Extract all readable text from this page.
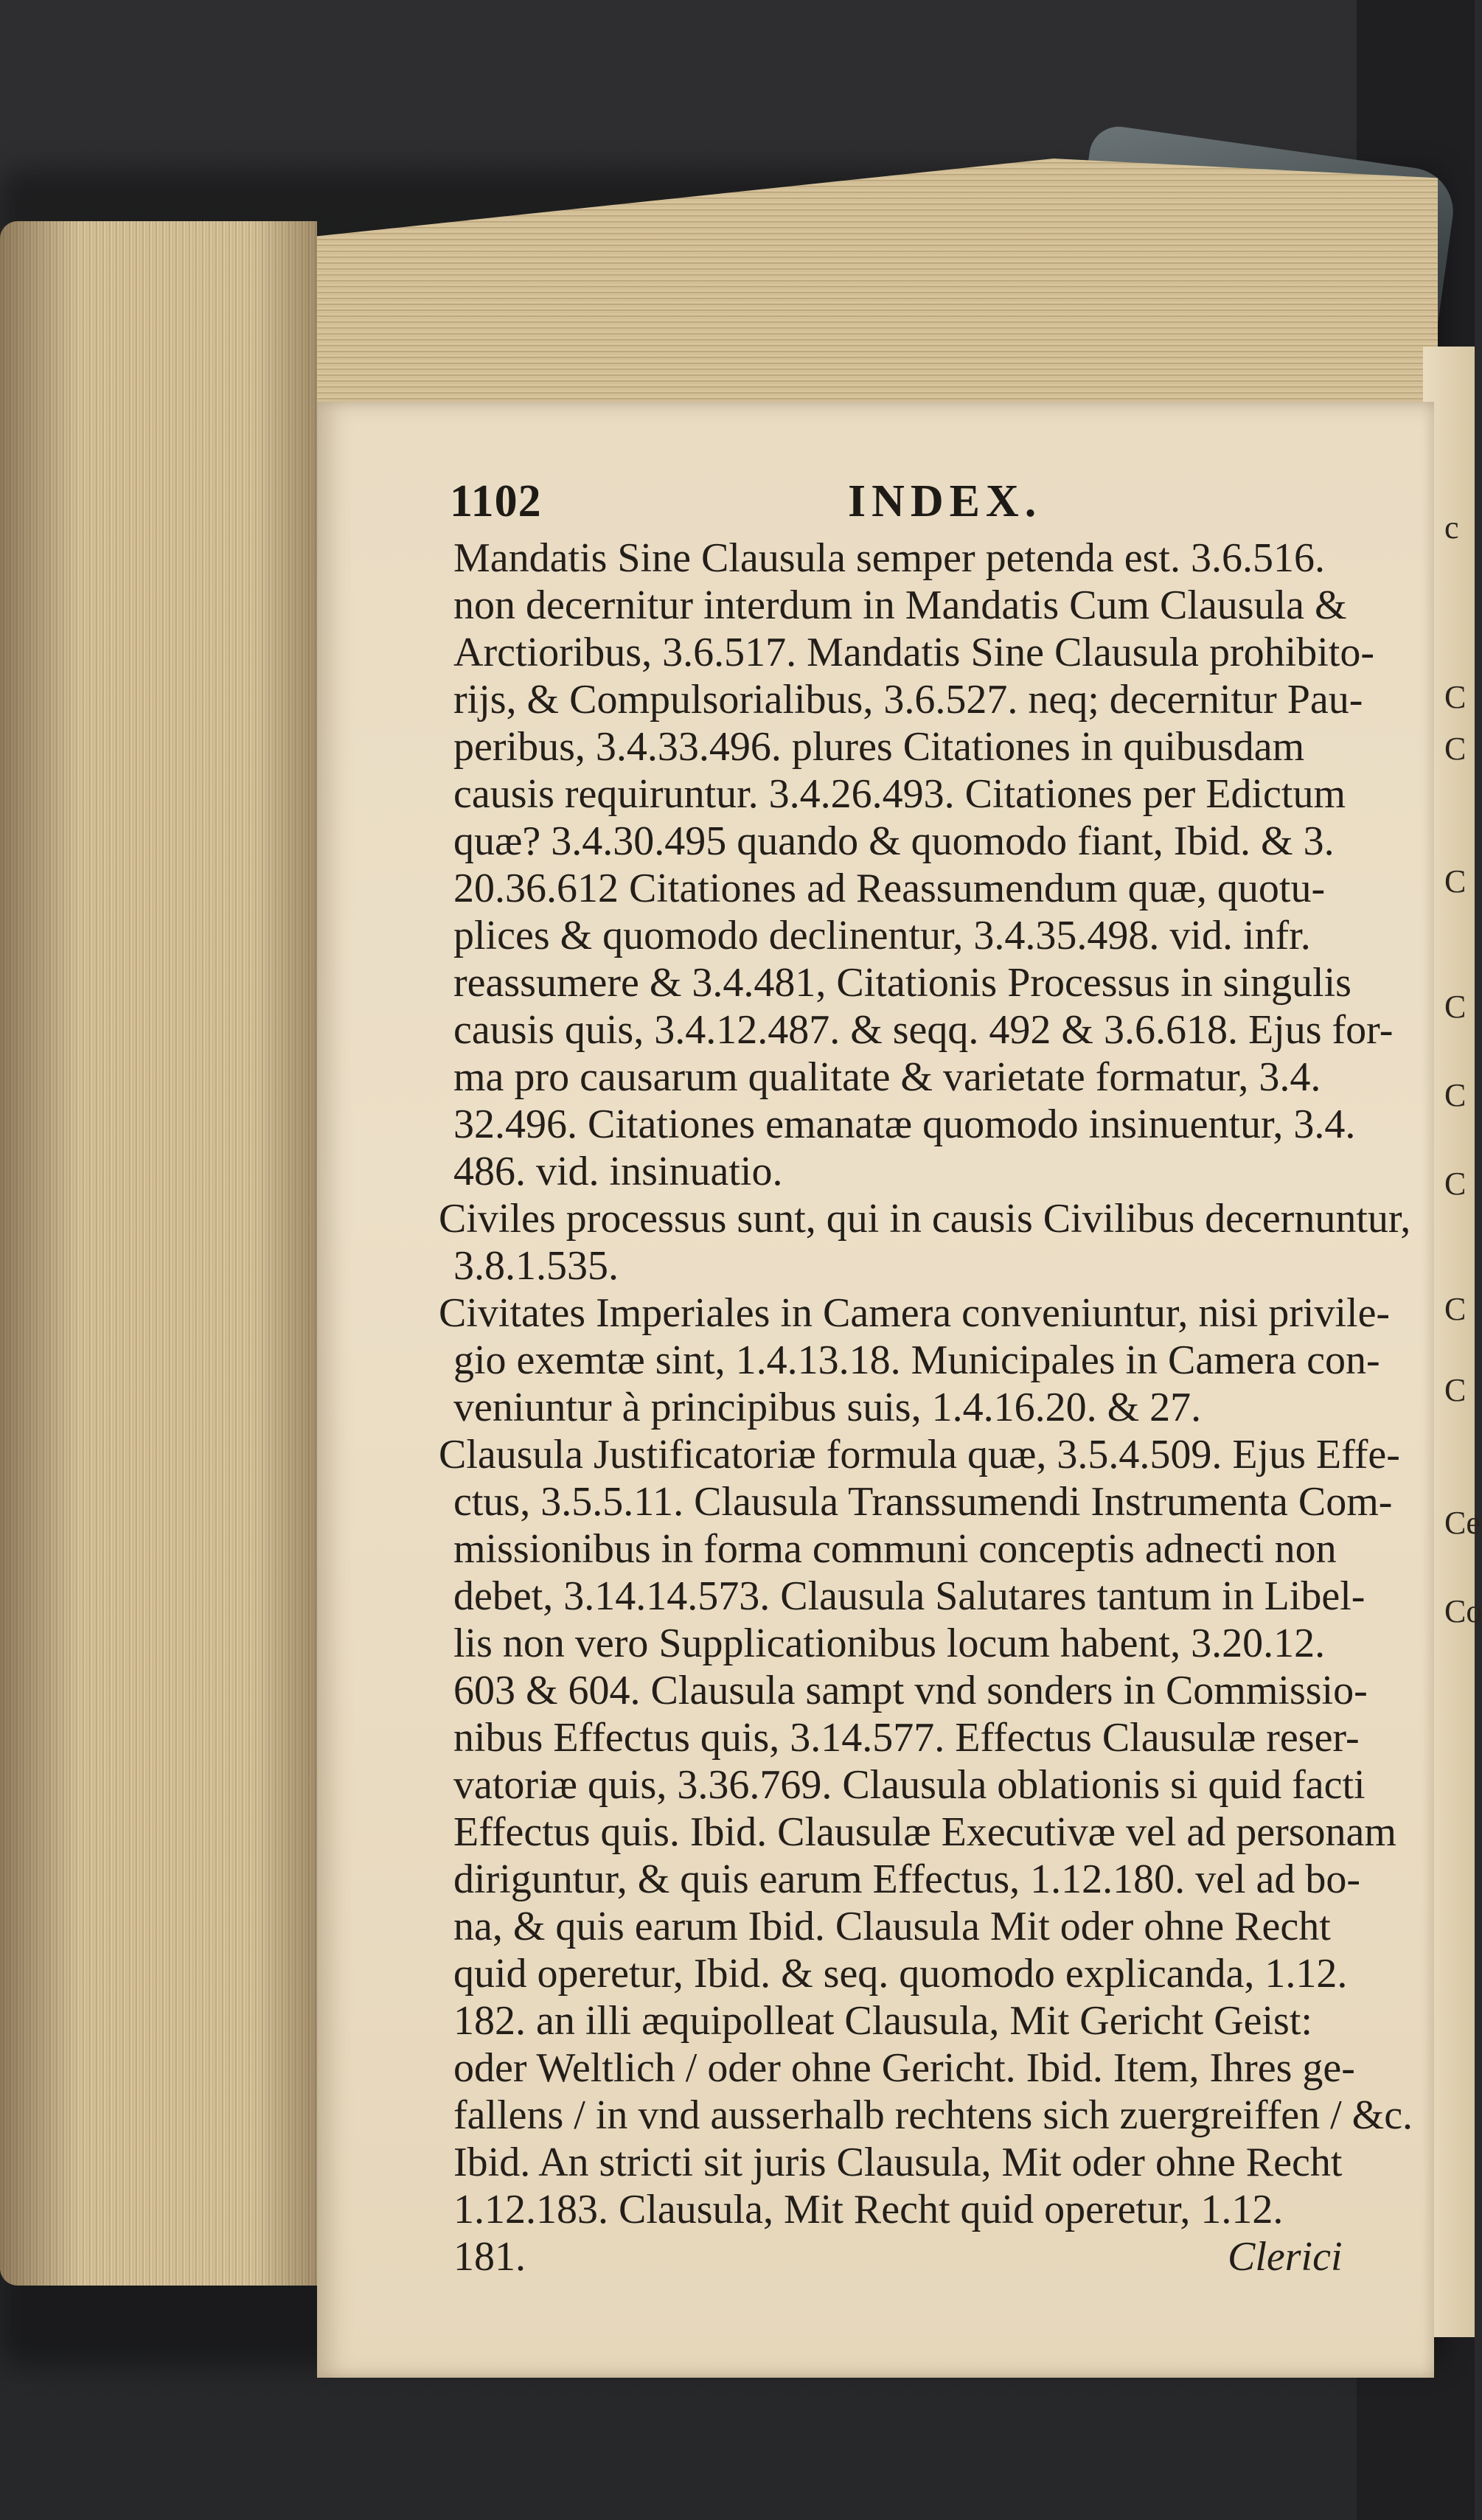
c
C
C
C
C
C
C
C
C
Ce
Co
1102	INDEX.
Mandatis Sine Clausula semper petenda est. 3.6.516.
non decernitur interdum in Mandatis Cum Clausula &
Arctioribus, 3.6.517. Mandatis Sine Clausula prohibito-
rijs, & Compulsorialibus, 3.6.527. neq; decernitur Pau-
peribus, 3.4.33.496. plures Citationes in quibusdam
causis requiruntur. 3.4.26.493. Citationes per Edictum
quæ? 3.4.30.495 quando & quomodo fiant, Ibid. & 3.
20.36.612 Citationes ad Reassumendum quæ, quotu-
plices & quomodo declinentur, 3.4.35.498. vid. infr.
reassumere & 3.4.481, Citationis Processus in singulis
causis quis, 3.4.12.487. & seqq. 492 & 3.6.618. Ejus for-
ma pro causarum qualitate & varietate formatur, 3.4.
32.496. Citationes emanatæ quomodo insinuentur, 3.4.
486. vid. insinuatio.
Civiles processus sunt, qui in causis Civilibus decernuntur,
3.8.1.535.
Civitates Imperiales in Camera conveniuntur, nisi privile-
gio exemtæ sint, 1.4.13.18. Municipales in Camera con-
veniuntur à principibus suis, 1.4.16.20. & 27.
Clausula Justificatoriæ formula quæ, 3.5.4.509. Ejus Effe-
ctus, 3.5.5.11. Clausula Transsumendi Instrumenta Com-
missionibus in forma communi conceptis adnecti non
debet, 3.14.14.573. Clausula Salutares tantum in Libel-
lis non vero Supplicationibus locum habent, 3.20.12.
603 & 604. Clausula sampt vnd sonders in Commissio-
nibus Effectus quis, 3.14.577. Effectus Clausulæ reser-
vatoriæ quis, 3.36.769. Clausula oblationis si quid facti
Effectus quis. Ibid. Clausulæ Executivæ vel ad personam
diriguntur, & quis earum Effectus, 1.12.180. vel ad bo-
na, & quis earum Ibid. Clausula Mit oder ohne Recht
quid operetur, Ibid. & seq. quomodo explicanda, 1.12.
182. an illi æquipolleat Clausula, Mit Gericht Geist:
oder Weltlich / oder ohne Gericht. Ibid. Item, Ihres ge-
fallens / in vnd ausserhalb rechtens sich zuergreiffen / &c.
Ibid. An stricti sit juris Clausula, Mit oder ohne Recht
1.12.183. Clausula, Mit Recht quid operetur, 1.12.
181.	Clerici
